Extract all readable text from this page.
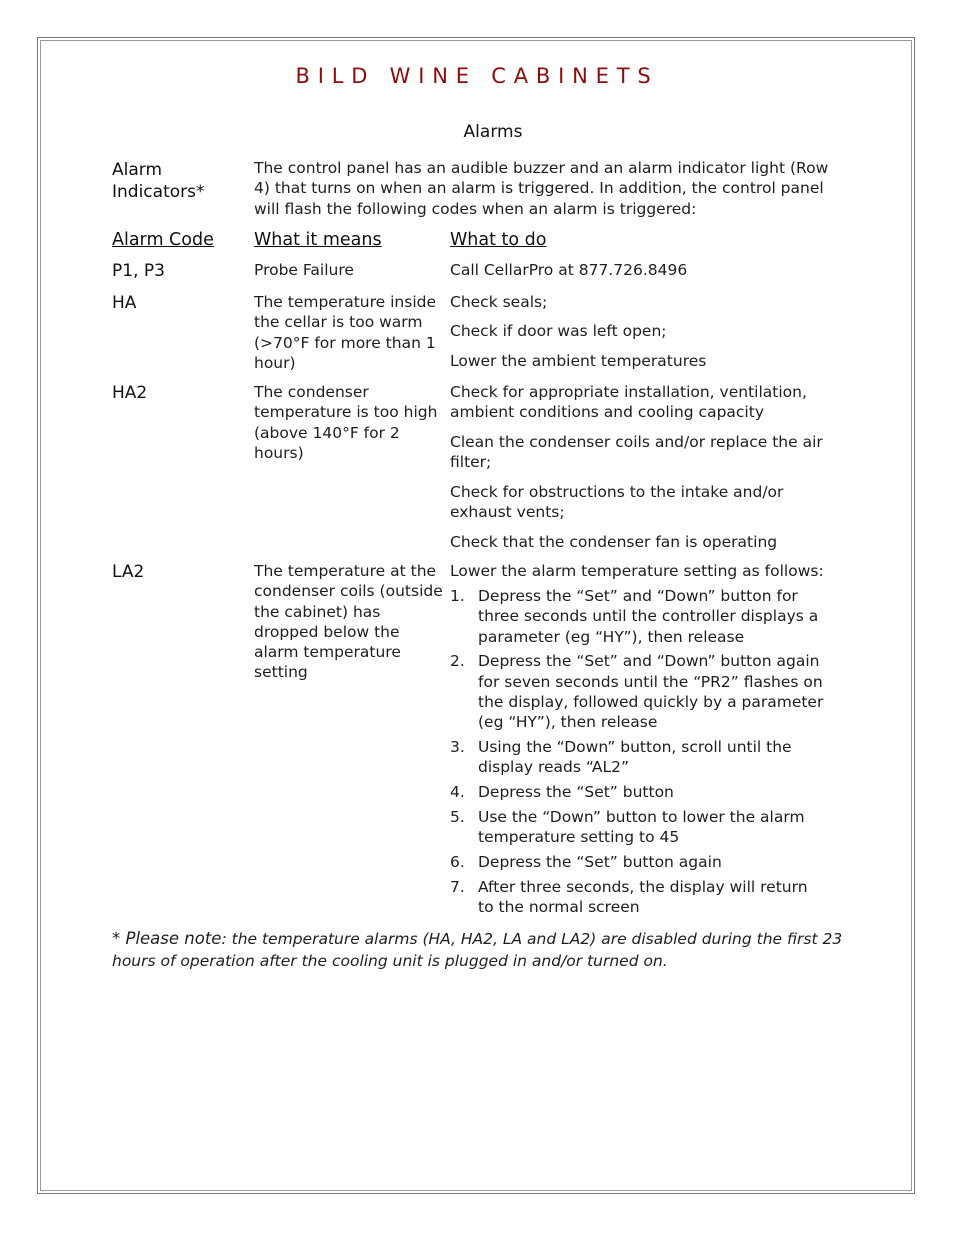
BILD WINE CABINETS
Alarms
Alarm Indicators*
The control panel has an audible buzzer and an alarm indicator light (Row 4) that turns on when an alarm is triggered. In addition, the control panel will flash the following codes when an alarm is triggered:
Alarm Code What it means	What to do
P1, P3	Probe Failure	Call CellarPro at 877.726.8496
HA	The temperature inside the cellar is too warm (>70°F for more than 1 hour)
Check seals;
Check if door was left open;
Lower the ambient temperatures
HA2	The condenser temperature is too high (above 140°F for 2 hours)
Check for appropriate installation, ventilation, ambient conditions and cooling capacity
Clean the condenser coils and/or replace the air filter;
Check for obstructions to the intake and/or exhaust vents;
Check that the condenser fan is operating
LA2	The temperature at the condenser coils (outside the cabinet) has dropped below the alarm temperature setting
Lower the alarm temperature setting as follows:
1. Depress the “Set” and “Down” button for three seconds until the controller displays a parameter (eg “HY”), then release
2. Depress the “Set” and “Down” button again for seven seconds until the “PR2” flashes on the display, followed quickly by a parameter (eg “HY”), then release
3. Using the “Down” button, scroll until the display reads “AL2”
4. Depress the “Set” button
5. Use the “Down” button to lower the alarm temperature setting to 45
6. Depress the “Set” button again
7. After three seconds, the display will return to the normal screen
* Please note: the temperature alarms (HA, HA2, LA and LA2) are disabled during the first 23 hours of operation after the cooling unit is plugged in and/or turned on.
